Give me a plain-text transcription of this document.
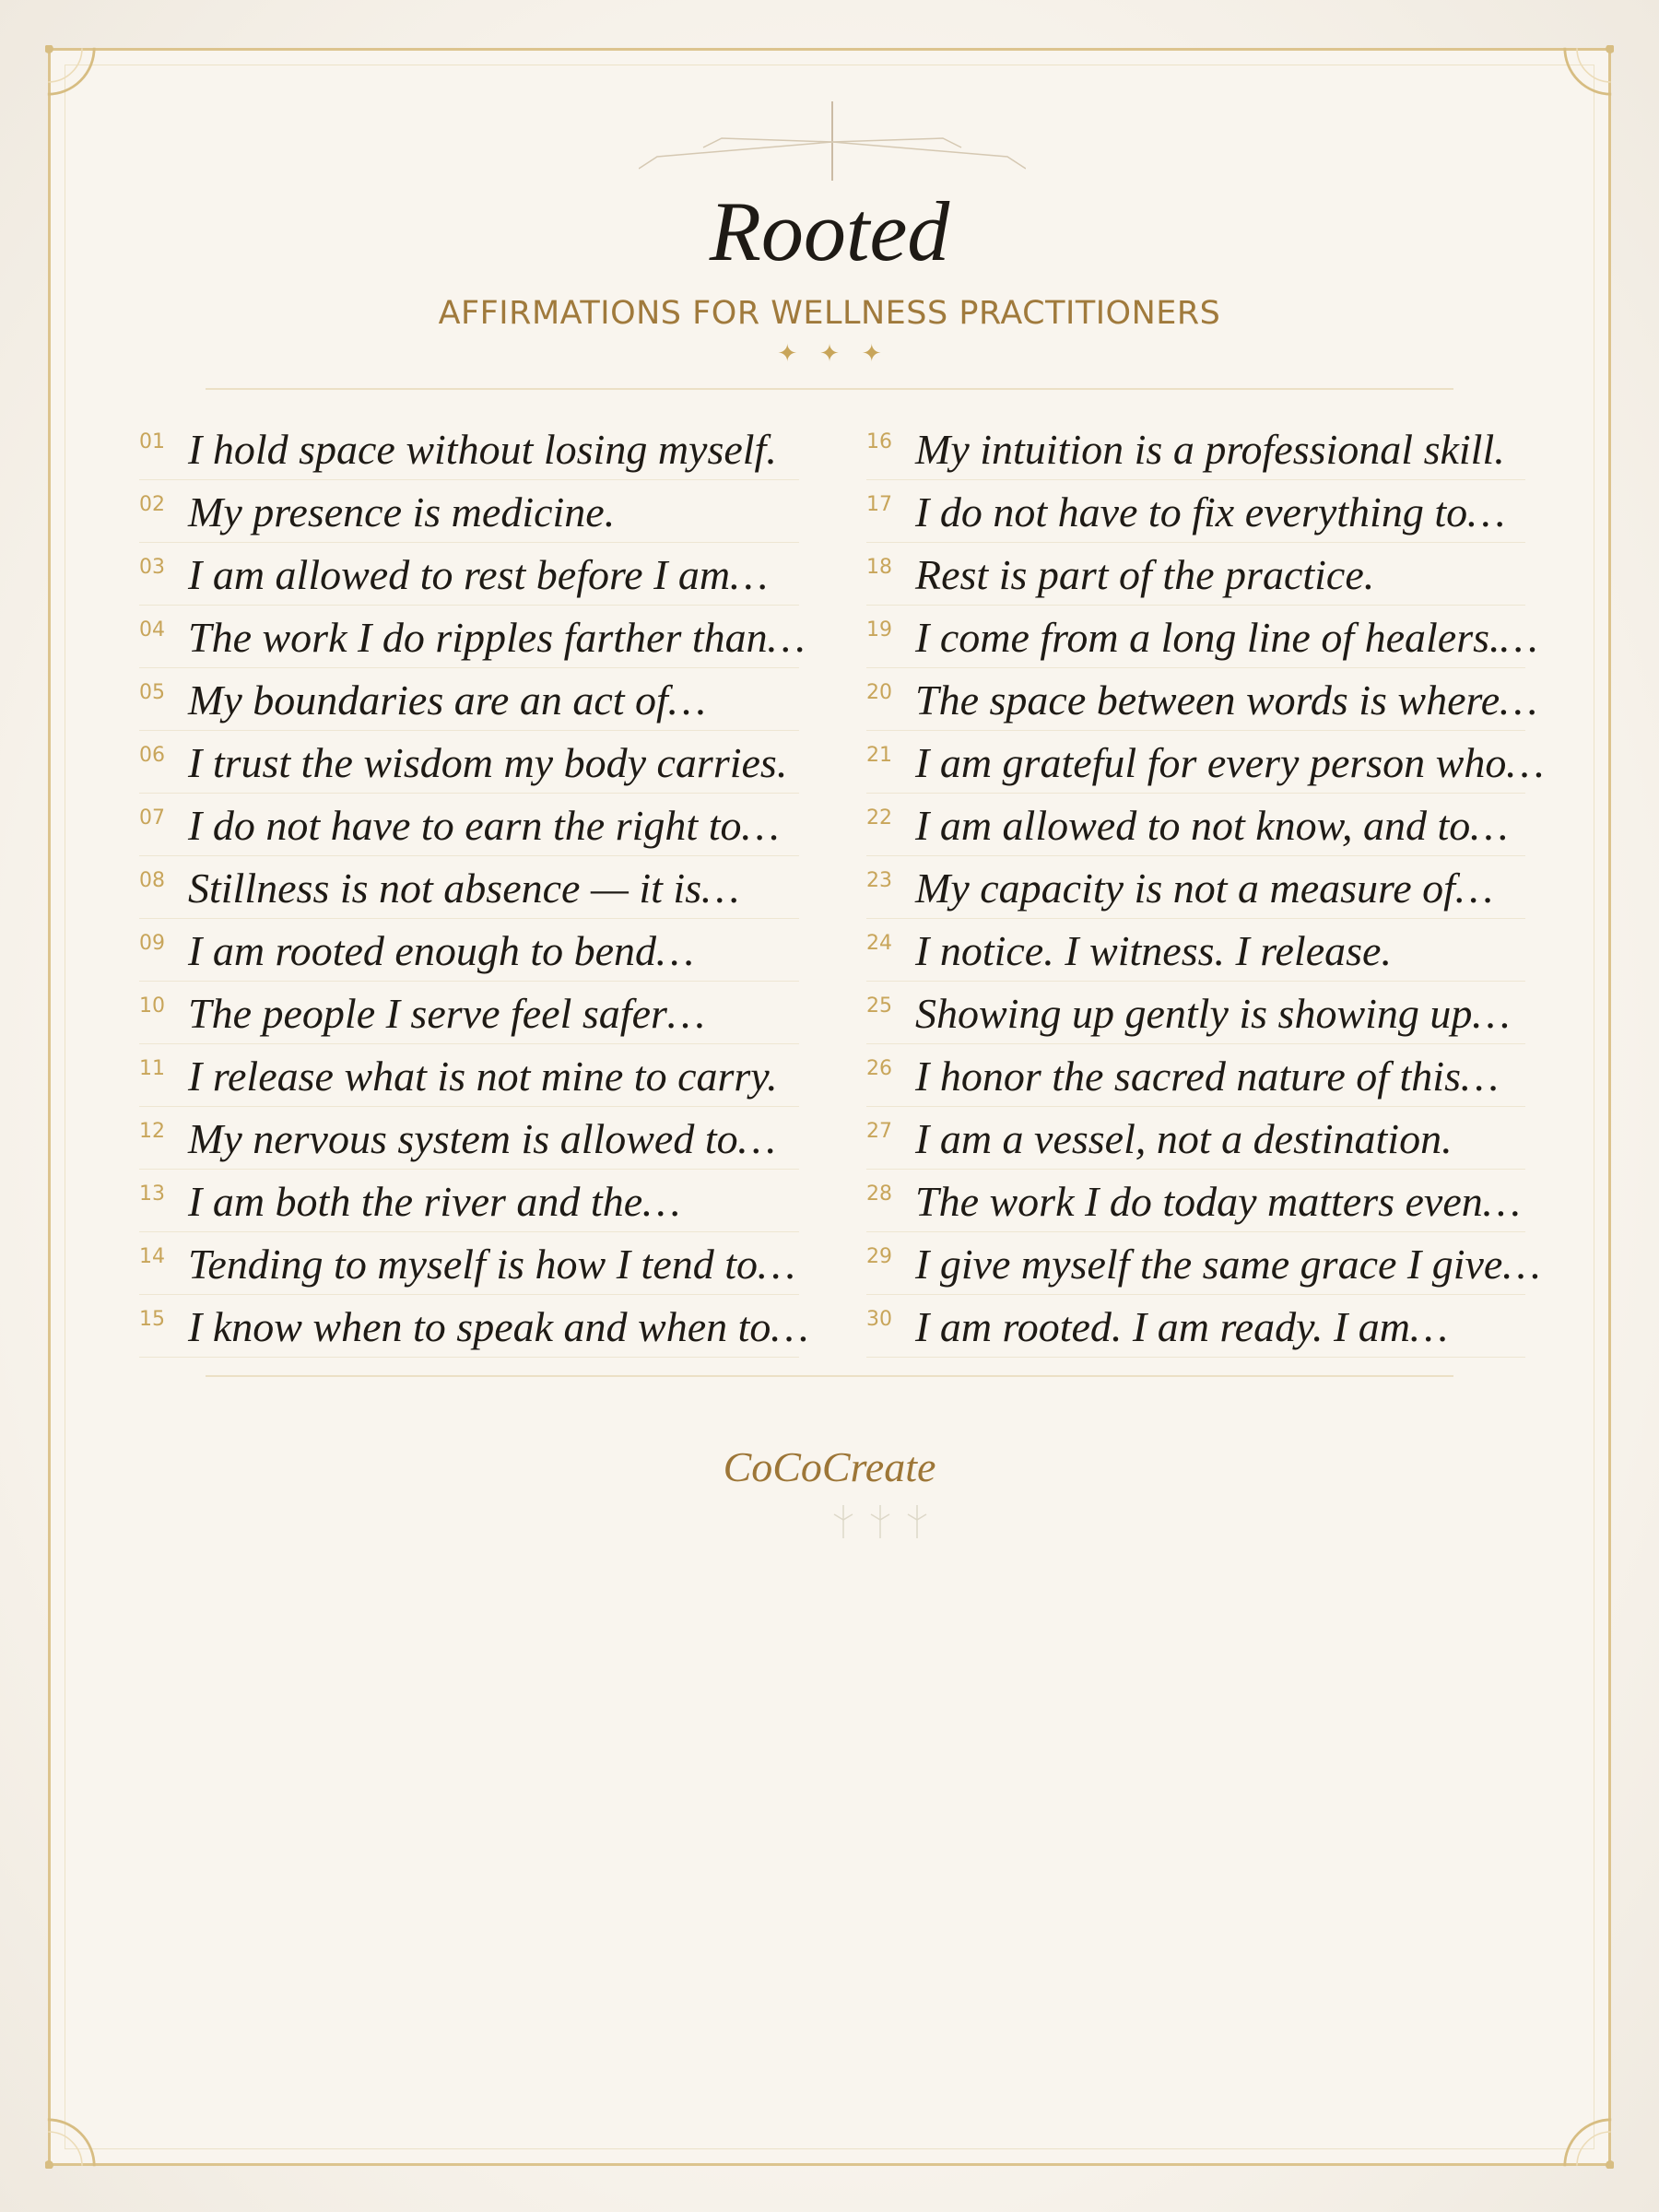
Rooted
AFFIRMATIONS FOR WELLNESS PRACTITIONERS
✦✦✦
01 I hold space without losing myself.
02 My presence is medicine.
03 I am allowed to rest before I am…
04 The work I do ripples farther than…
05 My boundaries are an act of…
06 I trust the wisdom my body carries.
07 I do not have to earn the right to…
08 Stillness is not absence — it is…
09 I am rooted enough to bend…
10 The people I serve feel safer…
11 I release what is not mine to carry.
12 My nervous system is allowed to…
13 I am both the river and the…
14 Tending to myself is how I tend to…
15 I know when to speak and when to…
16 My intuition is a professional skill.
17 I do not have to fix everything to…
18 Rest is part of the practice.
19 I come from a long line of healers.…
20 The space between words is where…
21 I am grateful for every person who…
22 I am allowed to not know, and to…
23 My capacity is not a measure of…
24 I notice. I witness. I release.
25 Showing up gently is showing up…
26 I honor the sacred nature of this…
27 I am a vessel, not a destination.
28 The work I do today matters even…
29 I give myself the same grace I give…
30 I am rooted. I am ready. I am…
CoCoCreate
